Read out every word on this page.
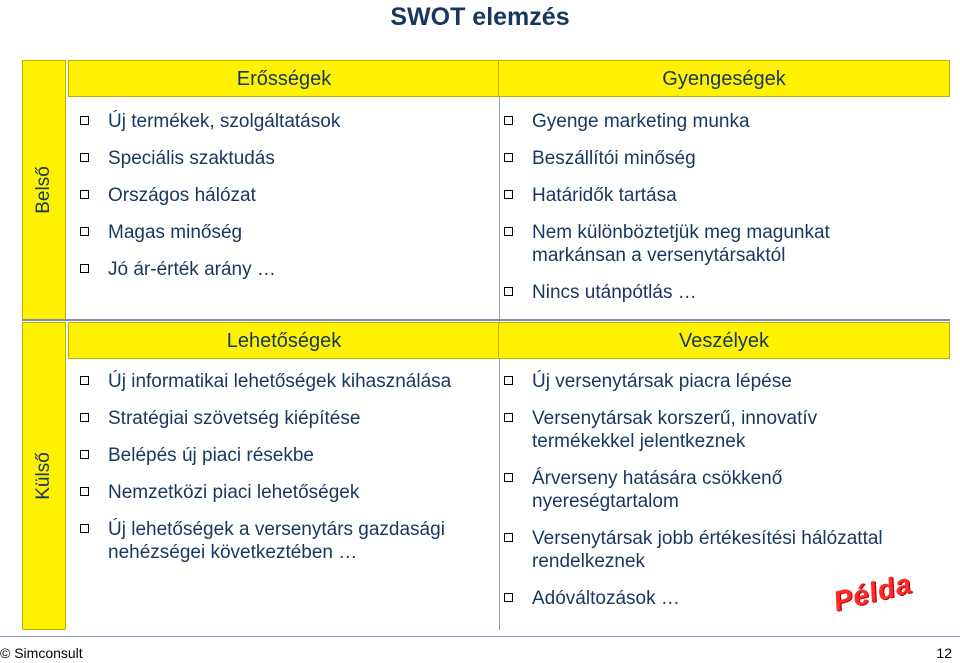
SWOT elemzés
Belső
Külső
Erősségek	Gyengeségek
Lehetőségek	Veszélyek
Új termékek, szolgáltatások
Speciális szaktudás
Országos hálózat
Magas minőség
Jó ár-érték arány …
Gyenge marketing munka
Beszállítói minőség
Határidők tartása
Nem különböztetjük meg magunkat markánsan a versenytársaktól
Nincs utánpótlás …
Új informatikai lehetőségek kihasználása
Stratégiai szövetség kiépítése
Belépés új piaci résekbe
Nemzetközi piaci lehetőségek
Új lehetőségek a versenytárs gazdasági nehézségei következtében …
Új versenytársak piacra lépése
Versenytársak korszerű, innovatív termékekkel jelentkeznek
Árverseny hatására csökkenő nyereségtartalom
Versenytársak jobb értékesítési hálózattal rendelkeznek
Adóváltozások …	Példa
© Simconsult	12
